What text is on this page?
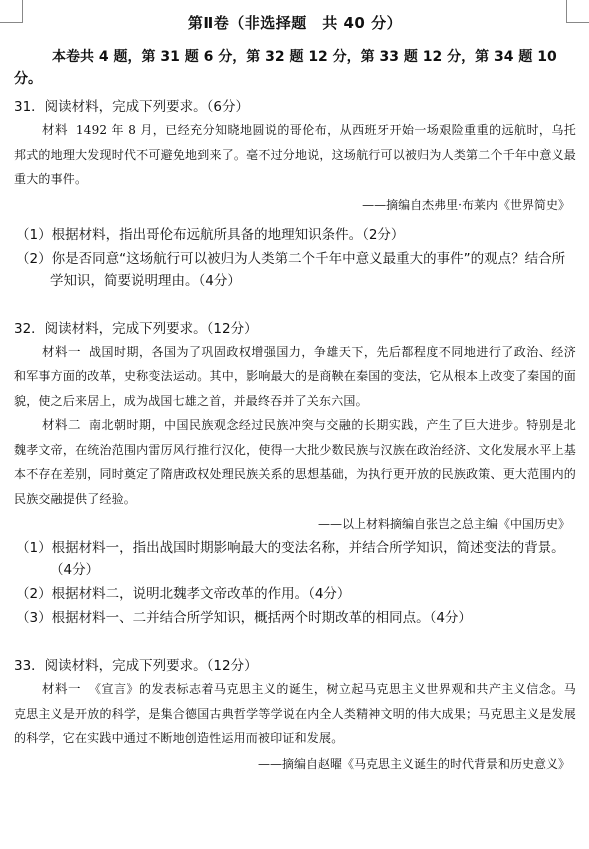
第Ⅱ卷（非选择题　共 40 分）
本卷共 4 题，第 31 题 6 分，第 32 题 12 分，第 33 题 12 分，第 34 题 10 分。
31．阅读材料，完成下列要求。（6分）
材料 1492 年 8 月，已经充分知晓地圆说的哥伦布，从西班牙开始一场艰险重重的远航时，乌托邦式的地理大发现时代不可避免地到来了。毫不过分地说，这场航行可以被归为人类第二个千年中意义最重大的事件。
——摘编自杰弗里·布莱内《世界简史》
（1）根据材料，指出哥伦布远航所具备的地理知识条件。（2分）
（2）你是否同意“这场航行可以被归为人类第二个千年中意义最重大的事件”的观点？结合所学知识，简要说明理由。（4分）
32．阅读材料，完成下列要求。（12分）
材料一 战国时期，各国为了巩固政权增强国力，争雄天下，先后都程度不同地进行了政治、经济和军事方面的改革，史称变法运动。其中，影响最大的是商鞅在秦国的变法，它从根本上改变了秦国的面貌，使之后来居上，成为战国七雄之首，并最终吞并了关东六国。
材料二 南北朝时期，中国民族观念经过民族冲突与交融的长期实践，产生了巨大进步。特别是北魏孝文帝，在统治范围内雷厉风行推行汉化，使得一大批少数民族与汉族在政治经济、文化发展水平上基本不存在差别，同时奠定了隋唐政权处理民族关系的思想基础，为执行更开放的民族政策、更大范围内的民族交融提供了经验。
——以上材料摘编自张岂之总主编《中国历史》
（1）根据材料一，指出战国时期影响最大的变法名称，并结合所学知识，简述变法的背景。（4分）
（2）根据材料二，说明北魏孝文帝改革的作用。（4分）
（3）根据材料一、二并结合所学知识，概括两个时期改革的相同点。（4分）
33．阅读材料，完成下列要求。（12分）
材料一 《宣言》的发表标志着马克思主义的诞生，树立起马克思主义世界观和共产主义信念。马克思主义是开放的科学，是集合德国古典哲学等学说在内全人类精神文明的伟大成果；马克思主义是发展的科学，它在实践中通过不断地创造性运用而被印证和发展。
——摘编自赵曜《马克思主义诞生的时代背景和历史意义》
